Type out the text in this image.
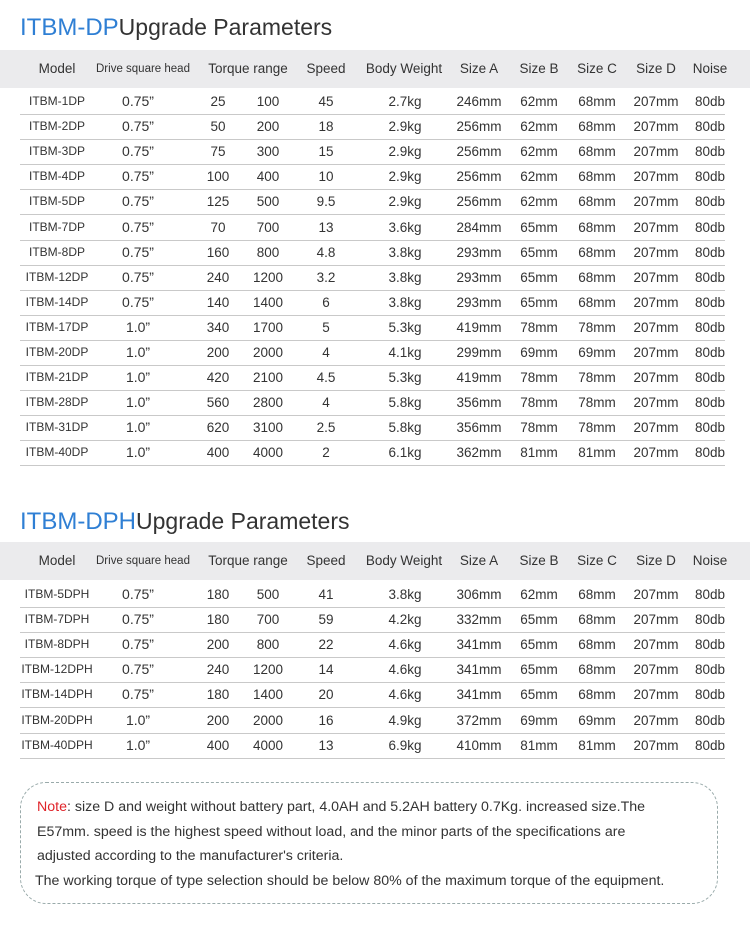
ITBM-DPUpgrade Parameters
Model	Drive square head	Torque range	Speed	Body Weight	Size A	Size B	Size C	Size D	Noise
ITBM-1DP	0.75”	25	100	45	2.7kg	246mm	62mm	68mm	207mm	80db
ITBM-2DP	0.75”	50	200	18	2.9kg	256mm	62mm	68mm	207mm	80db
ITBM-3DP	0.75”	75	300	15	2.9kg	256mm	62mm	68mm	207mm	80db
ITBM-4DP	0.75”	100	400	10	2.9kg	256mm	62mm	68mm	207mm	80db
ITBM-5DP	0.75”	125	500	9.5	2.9kg	256mm	62mm	68mm	207mm	80db
ITBM-7DP	0.75”	70	700	13	3.6kg	284mm	65mm	68mm	207mm	80db
ITBM-8DP	0.75”	160	800	4.8	3.8kg	293mm	65mm	68mm	207mm	80db
ITBM-12DP	0.75”	240	1200	3.2	3.8kg	293mm	65mm	68mm	207mm	80db
ITBM-14DP	0.75”	140	1400	6	3.8kg	293mm	65mm	68mm	207mm	80db
ITBM-17DP	1.0”	340	1700	5	5.3kg	419mm	78mm	78mm	207mm	80db
ITBM-20DP	1.0”	200	2000	4	4.1kg	299mm	69mm	69mm	207mm	80db
ITBM-21DP	1.0”	420	2100	4.5	5.3kg	419mm	78mm	78mm	207mm	80db
ITBM-28DP	1.0”	560	2800	4	5.8kg	356mm	78mm	78mm	207mm	80db
ITBM-31DP	1.0”	620	3100	2.5	5.8kg	356mm	78mm	78mm	207mm	80db
ITBM-40DP	1.0”	400	4000	2	6.1kg	362mm	81mm	81mm	207mm	80db
ITBM-DPHUpgrade Parameters
Model	Drive square head	Torque range	Speed	Body Weight	Size A	Size B	Size C	Size D	Noise
ITBM-5DPH	0.75”	180	500	41	3.8kg	306mm	62mm	68mm	207mm	80db
ITBM-7DPH	0.75”	180	700	59	4.2kg	332mm	65mm	68mm	207mm	80db
ITBM-8DPH	0.75”	200	800	22	4.6kg	341mm	65mm	68mm	207mm	80db
ITBM-12DPH	0.75”	240	1200	14	4.6kg	341mm	65mm	68mm	207mm	80db
ITBM-14DPH	0.75”	180	1400	20	4.6kg	341mm	65mm	68mm	207mm	80db
ITBM-20DPH	1.0”	200	2000	16	4.9kg	372mm	69mm	69mm	207mm	80db
ITBM-40DPH	1.0”	400	4000	13	6.9kg	410mm	81mm	81mm	207mm	80db

Note: size D and weight without battery part, 4.0AH and 5.2AH battery 0.7Kg. increased size.The

E57mm. speed is the highest speed without load, and the minor parts of the specifications are

adjusted according to the manufacturer's criteria.

The working torque of type selection should be below 80% of the maximum torque of the equipment.
